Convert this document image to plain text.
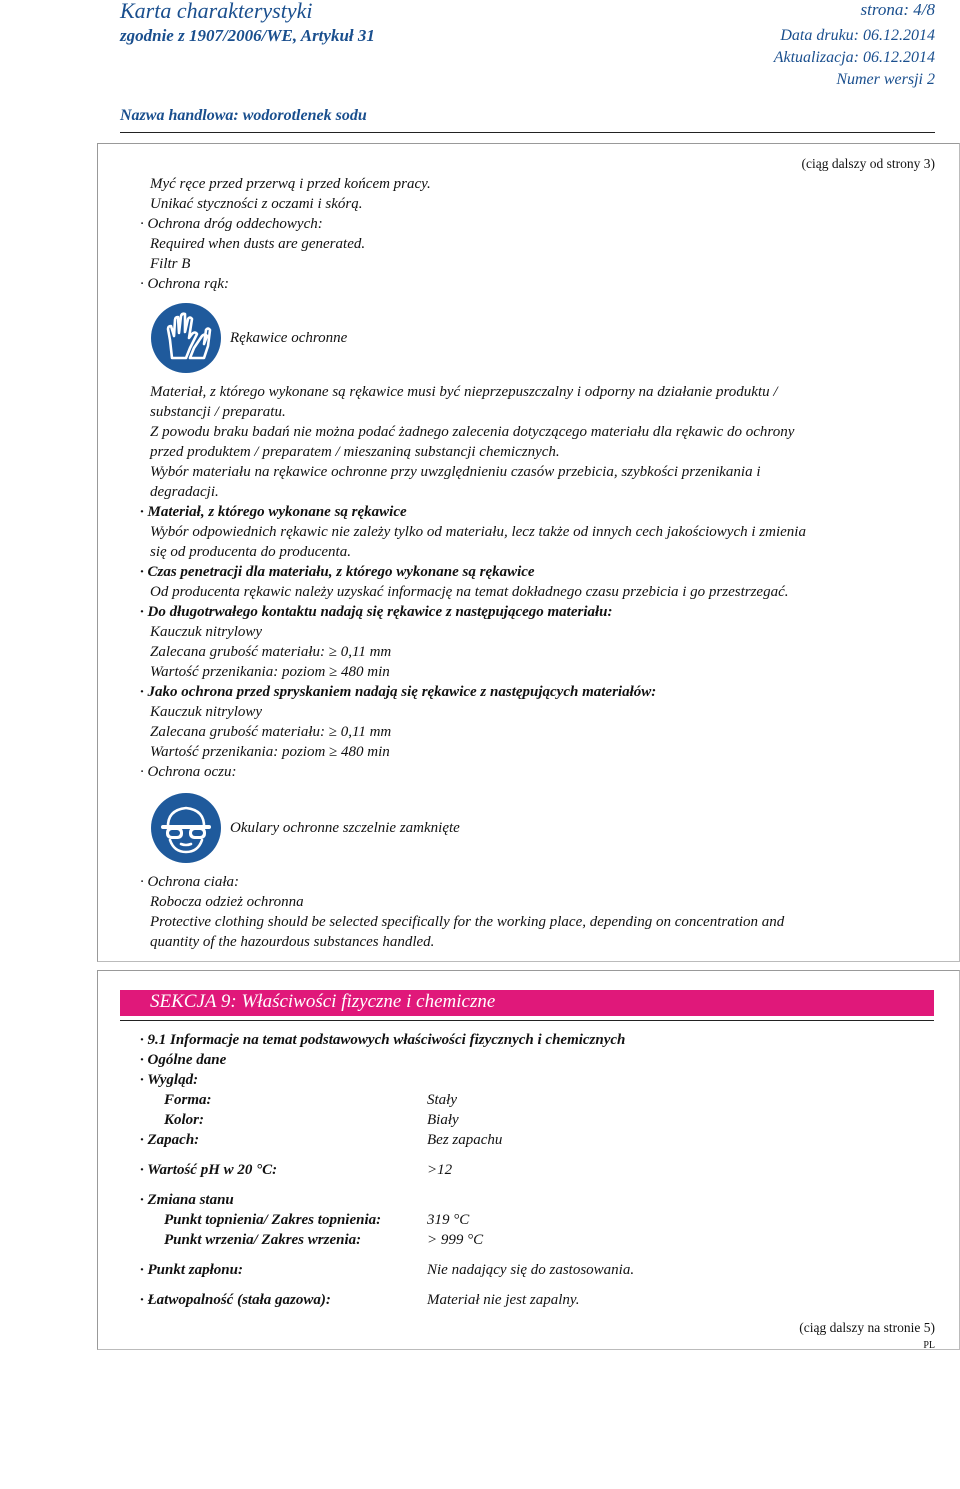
Karta charakterystyki
zgodnie z 1907/2006/WE, Artykuł 31
strona: 4/8
Data druku: 06.12.2014
Aktualizacja: 06.12.2014
Numer wersji 2
Nazwa handlowa: wodorotlenek sodu
(ciąg dalszy od strony 3)
Myć ręce przed przerwą i przed końcem pracy.
Unikać styczności z oczami i skórą.
· Ochrona dróg oddechowych:
Required when dusts are generated.
Filtr B
· Ochrona rąk:
Rękawice ochronne
Materiał, z którego wykonane są rękawice musi być nieprzepuszczalny i odporny na działanie produktu /
substancji / preparatu.
Z powodu braku badań nie można podać żadnego zalecenia dotyczącego materiału dla rękawic do ochrony
przed produktem / preparatem / mieszaniną substancji chemicznych.
Wybór materiału na rękawice ochronne przy uwzględnieniu czasów przebicia, szybkości przenikania i
degradacji.
· Materiał, z którego wykonane są rękawice
Wybór odpowiednich rękawic nie zależy tylko od materiału, lecz także od innych cech jakościowych i zmienia
się od producenta do producenta.
· Czas penetracji dla materiału, z którego wykonane są rękawice
Od producenta rękawic należy uzyskać informację na temat dokładnego czasu przebicia i go przestrzegać.
· Do długotrwałego kontaktu nadają się rękawice z następującego materiału:
Kauczuk nitrylowy
Zalecana grubość materiału: ≥ 0,11 mm
Wartość przenikania: poziom ≥ 480 min
· Jako ochrona przed spryskaniem nadają się rękawice z następujących materiałów:
Kauczuk nitrylowy
Zalecana grubość materiału: ≥ 0,11 mm
Wartość przenikania: poziom ≥ 480 min
· Ochrona oczu:
Okulary ochronne szczelnie zamknięte
· Ochrona ciała:
Robocza odzież ochronna
Protective clothing should be selected specifically for the working place, depending on concentration and
quantity of the hazourdous substances handled.
SEKCJA 9: Właściwości fizyczne i chemiczne
· 9.1 Informacje na temat podstawowych właściwości fizycznych i chemicznych
· Ogólne dane
· Wygląd:
Forma:	Stały
Kolor:	Biały
· Zapach:	Bez zapachu
· Wartość pH w 20 °C:	>12
· Zmiana stanu
Punkt topnienia/ Zakres topnienia:	319 °C
Punkt wrzenia/ Zakres wrzenia:	> 999 °C
· Punkt zapłonu:	Nie nadający się do zastosowania.
· Łatwopalność (stała gazowa):	Materiał nie jest zapalny.
(ciąg dalszy na stronie 5)
PL
